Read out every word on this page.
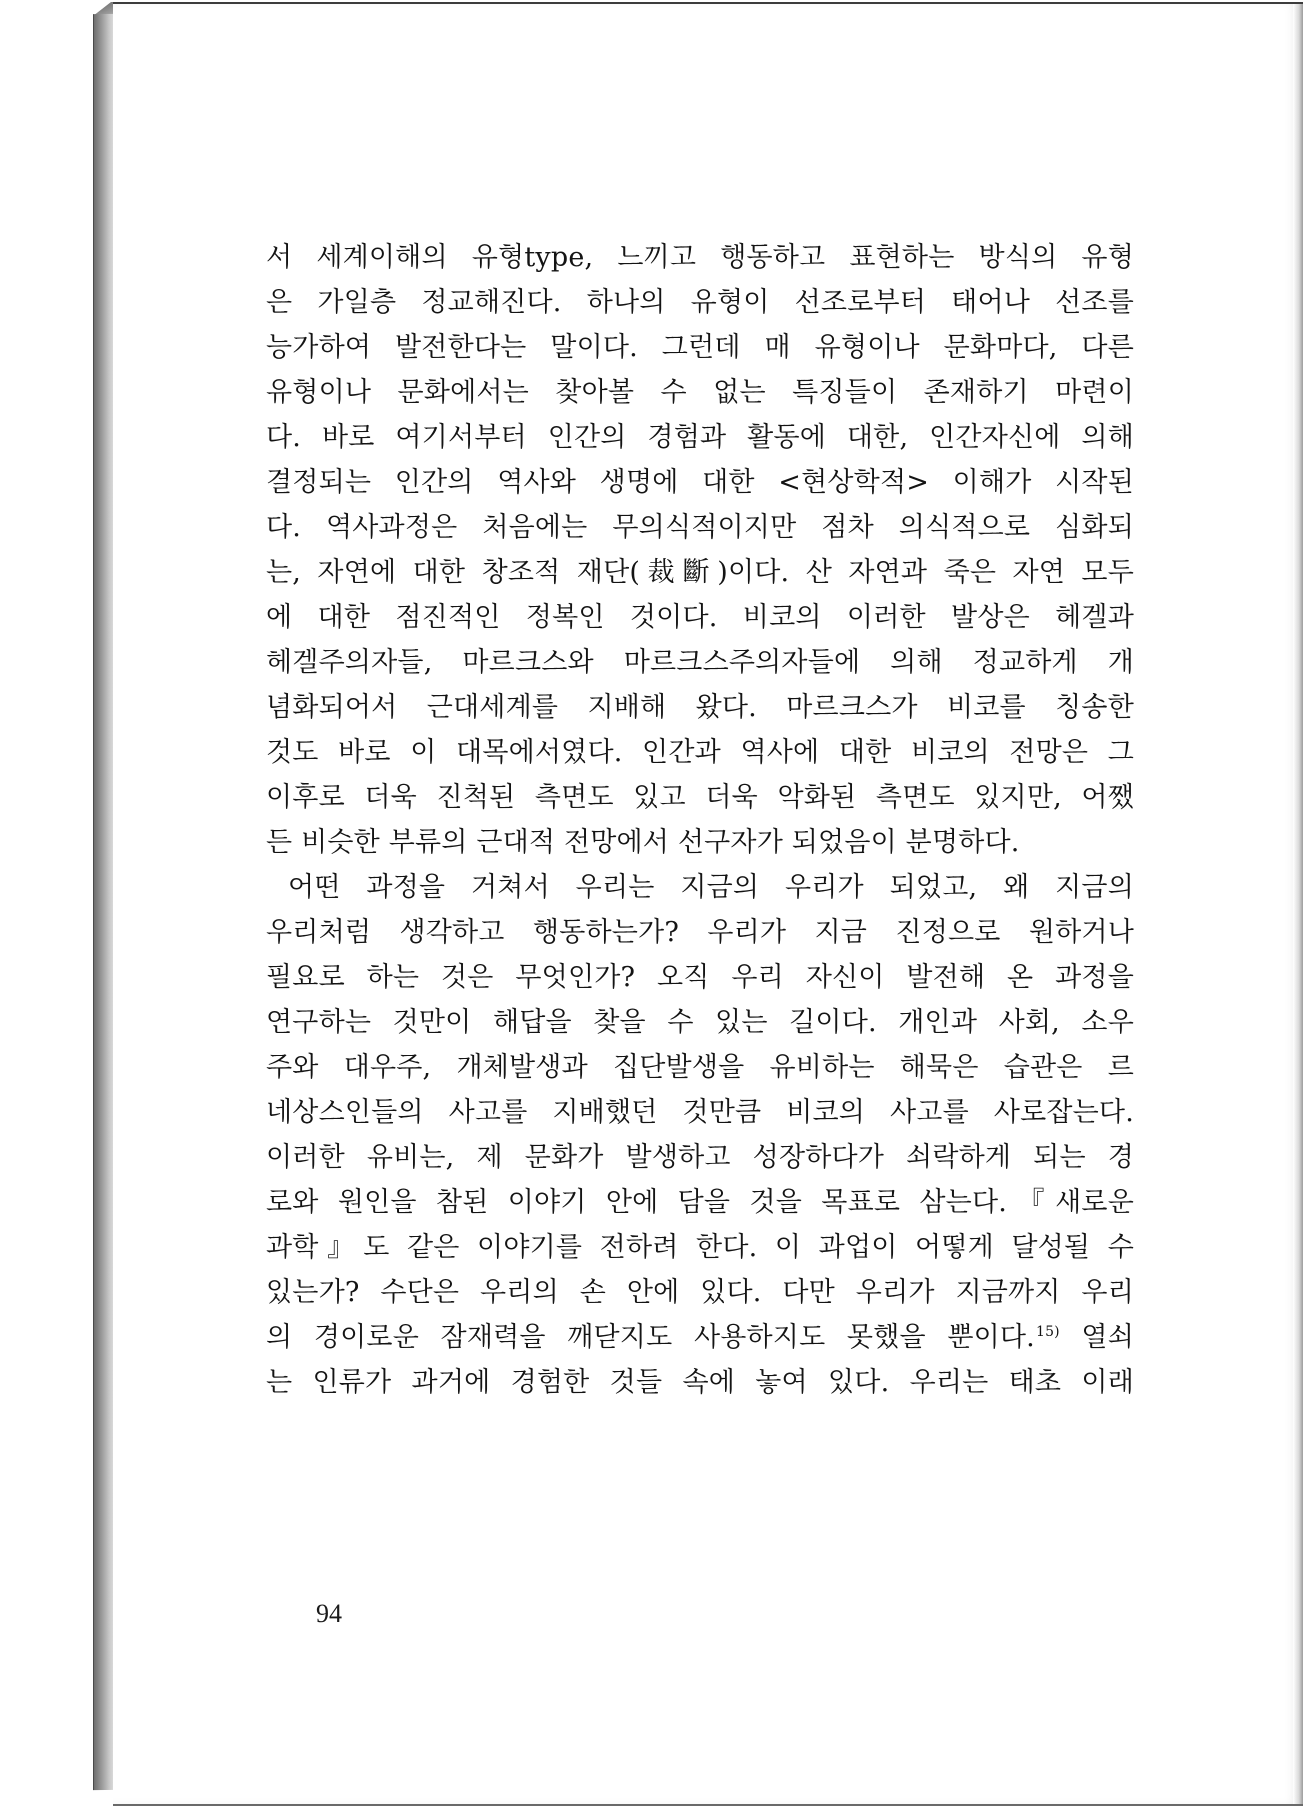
서 세계이해의 유형type, 느끼고 행동하고 표현하는 방식의 유형
은 가일층 정교해진다. 하나의 유형이 선조로부터 태어나 선조를
능가하여 발전한다는 말이다. 그런데 매 유형이나 문화마다, 다른
유형이나 문화에서는 찾아볼 수 없는 특징들이 존재하기 마련이
다. 바로 여기서부터 인간의 경험과 활동에 대한, 인간자신에 의해
결정되는 인간의 역사와 생명에 대한 <현상학적> 이해가 시작된
다. 역사과정은 처음에는 무의식적이지만 점차 의식적으로 심화되
는, 자연에 대한 창조적 재단(裁斷)이다. 산 자연과 죽은 자연 모두
에 대한 점진적인 정복인 것이다. 비코의 이러한 발상은 헤겔과
헤겔주의자들, 마르크스와 마르크스주의자들에 의해 정교하게 개
념화되어서 근대세계를 지배해 왔다. 마르크스가 비코를 칭송한
것도 바로 이 대목에서였다. 인간과 역사에 대한 비코의 전망은 그
이후로 더욱 진척된 측면도 있고 더욱 악화된 측면도 있지만, 어쨌
든 비슷한 부류의 근대적 전망에서 선구자가 되었음이 분명하다.
어떤 과정을 거쳐서 우리는 지금의 우리가 되었고, 왜 지금의
우리처럼 생각하고 행동하는가? 우리가 지금 진정으로 원하거나
필요로 하는 것은 무엇인가? 오직 우리 자신이 발전해 온 과정을
연구하는 것만이 해답을 찾을 수 있는 길이다. 개인과 사회, 소우
주와 대우주, 개체발생과 집단발생을 유비하는 해묵은 습관은 르
네상스인들의 사고를 지배했던 것만큼 비코의 사고를 사로잡는다.
이러한 유비는, 제 문화가 발생하고 성장하다가 쇠락하게 되는 경
로와 원인을 참된 이야기 안에 담을 것을 목표로 삼는다.『새로운
과학』도 같은 이야기를 전하려 한다. 이 과업이 어떻게 달성될 수
있는가? 수단은 우리의 손 안에 있다. 다만 우리가 지금까지 우리
의 경이로운 잠재력을 깨닫지도 사용하지도 못했을 뿐이다.$^{15)}$ 열쇠
는 인류가 과거에 경험한 것들 속에 놓여 있다. 우리는 태초 이래
94
